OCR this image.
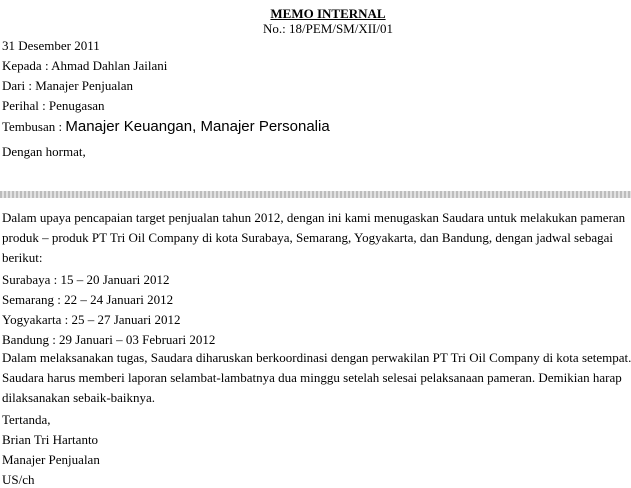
MEMO INTERNAL
No.: 18/PEM/SM/XII/01
31 Desember 2011
Kepada : Ahmad Dahlan Jailani
Dari : Manajer Penjualan
Perihal : Penugasan
Tembusan : Manajer Keuangan, Manajer Personalia
Dengan hormat,
Dalam upaya pencapaian target penjualan tahun 2012, dengan ini kami menugaskan Saudara untuk melakukan pameran produk – produk PT Tri Oil Company di kota Surabaya, Semarang, Yogyakarta, dan Bandung, dengan jadwal sebagai berikut:
Surabaya : 15 – 20 Januari 2012
Semarang : 22 – 24 Januari 2012
Yogyakarta : 25 – 27 Januari 2012
Bandung : 29 Januari – 03 Februari 2012
Dalam melaksanakan tugas, Saudara diharuskan berkoordinasi dengan perwakilan PT Tri Oil Company di kota setempat. Saudara harus memberi laporan selambat-lambatnya dua minggu setelah selesai pelaksanaan pameran. Demikian harap dilaksanakan sebaik-baiknya.
Tertanda,
Brian Tri Hartanto
Manajer Penjualan
US/ch
